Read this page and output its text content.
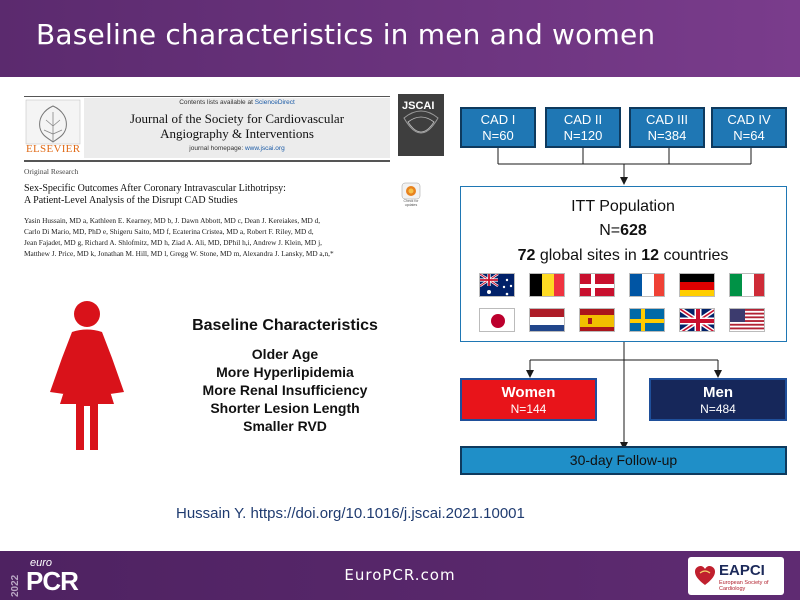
Baseline characteristics in men and women
ELSEVIER
Contents lists available at ScienceDirect
Journal of the Society for Cardiovascular
Angiography & Interventions
journal homepage: www.jscai.org
JSCAI
Original Research
Sex-Specific Outcomes After Coronary Intravascular Lithotripsy:
A Patient-Level Analysis of the Disrupt CAD Studies	Check for updates
Yasin Hussain, MD a, Kathleen E. Kearney, MD b, J. Dawn Abbott, MD c, Dean J. Kereiakes, MD d,
Carlo Di Mario, MD, PhD e, Shigeru Saito, MD f, Ecaterina Cristea, MD a, Robert F. Riley, MD d,
Jean Fajadet, MD g, Richard A. Shlofmitz, MD h, Ziad A. Ali, MD, DPhil h,i, Andrew J. Klein, MD j,
Matthew J. Price, MD k, Jonathan M. Hill, MD l, Gregg W. Stone, MD m, Alexandra J. Lansky, MD a,n,*
Baseline Characteristics
Older Age
More Hyperlipidemia
More Renal Insufficiency
Shorter Lesion Length
Smaller RVD
Hussain Y. https://doi.org/10.1016/j.jscai.2021.10001
CAD I
N=60
CAD II
N=120
CAD III
N=384
CAD IV
N=64
ITT Population
N=628
72 global sites in 12 countries
Women
N=144
Men
N=484
30-day Follow-up
2022
euro
PCR	EuroPCR.com	EAPCI
European Society of Cardiology
